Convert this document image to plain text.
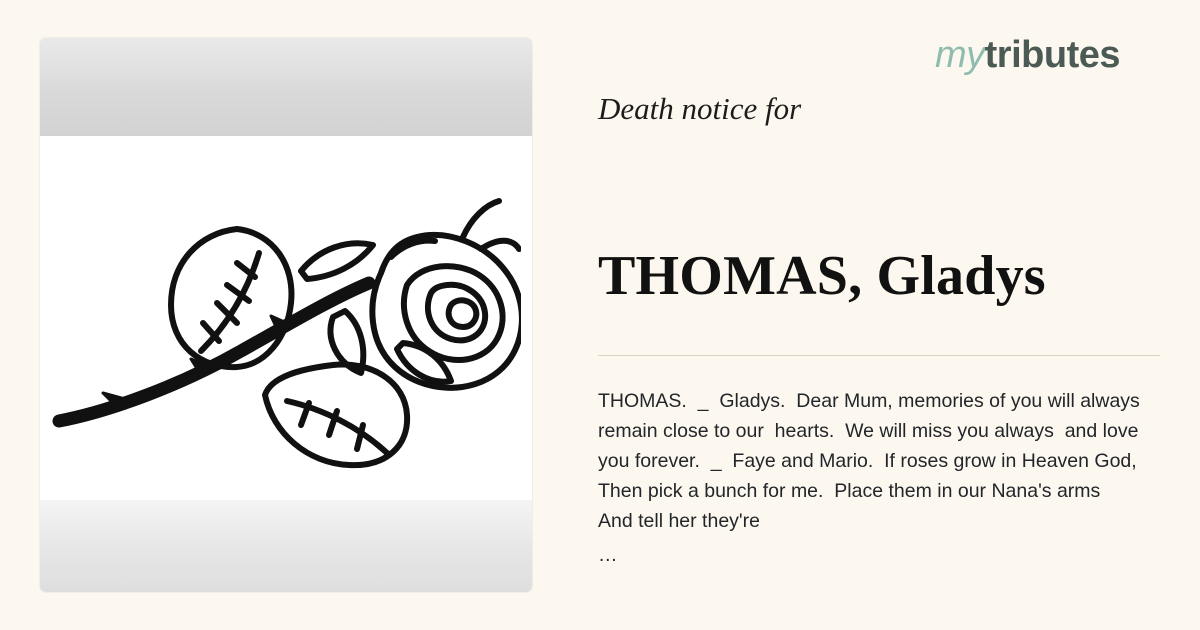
mytributes
Death notice for
THOMAS, Gladys
THOMAS.  _  Gladys.  Dear Mum, memories of you will always remain close to our  hearts.  We will miss you always  and love you forever.  _  Faye and Mario.  If roses grow in Heaven God,  Then pick a bunch for me.  Place them in our Nana's arms  And tell her they're
…
